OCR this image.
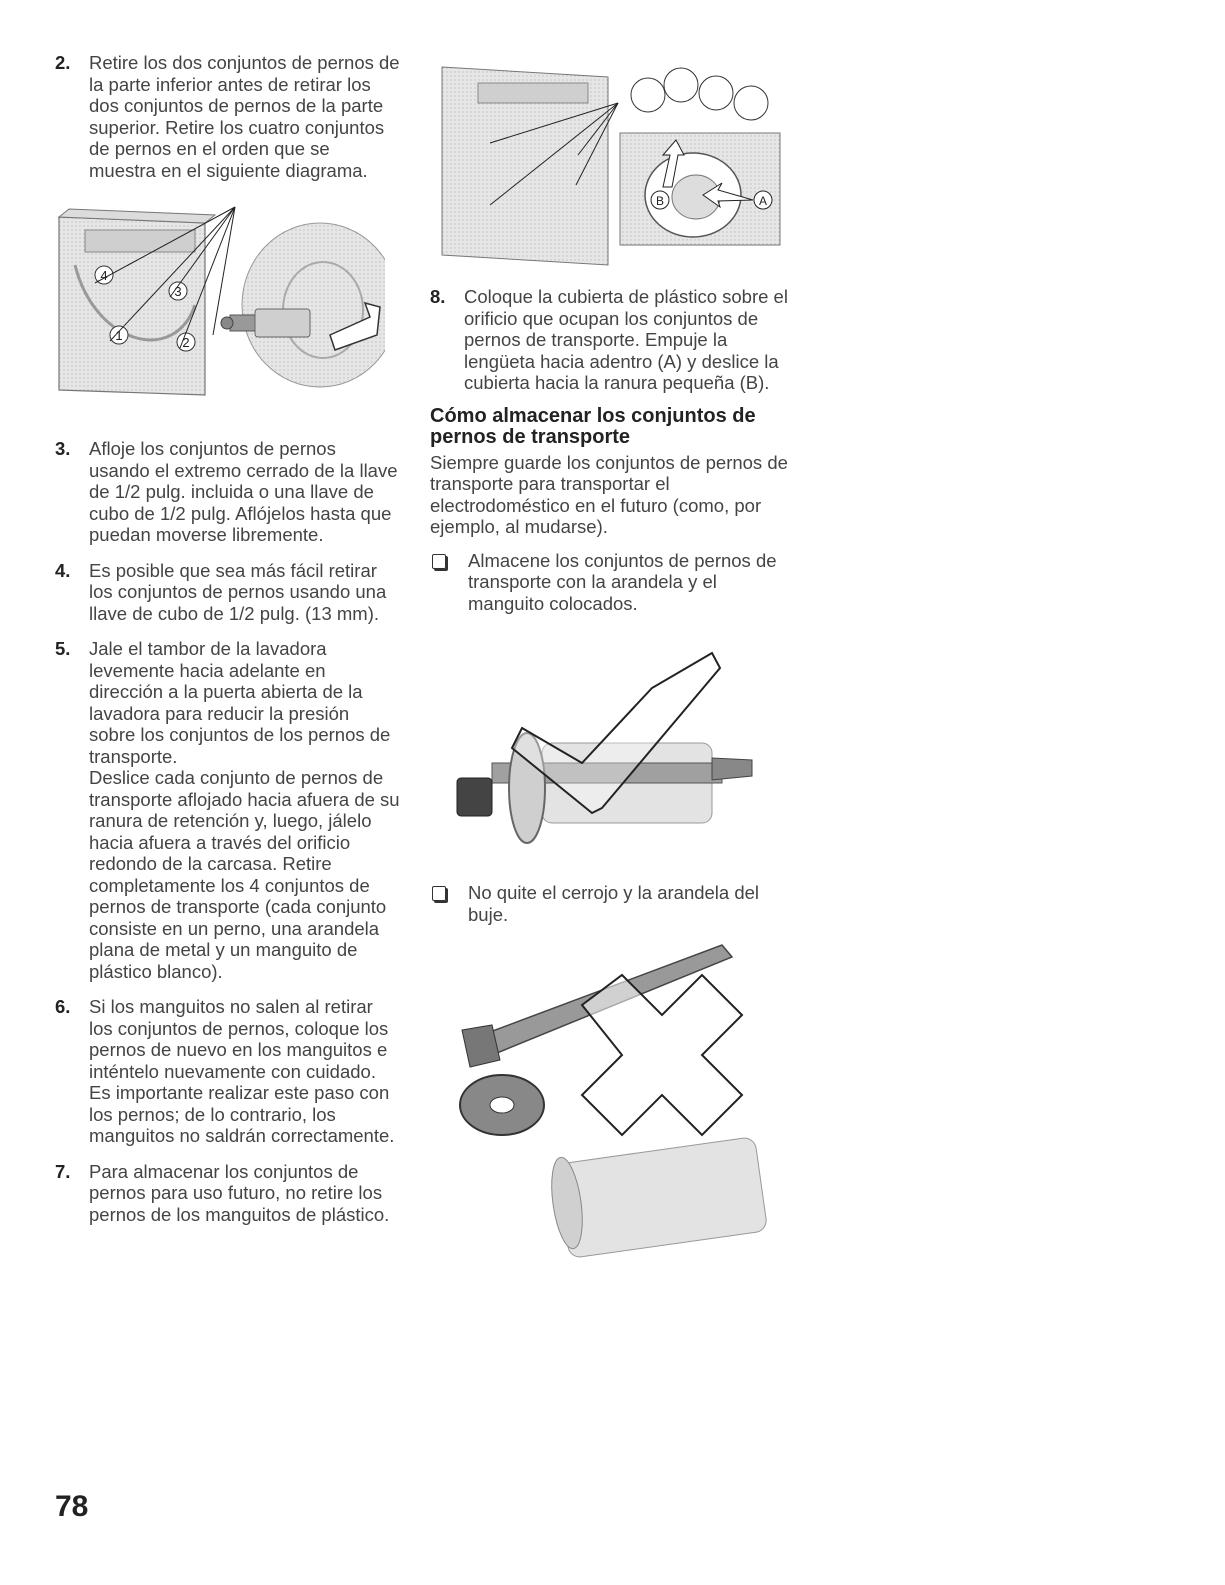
2.	Retire los dos conjuntos de pernos de la parte inferior antes de retirar los dos conjuntos de pernos de la parte superior. Retire los cuatro conjuntos de pernos en el orden que se muestra en el siguiente diagrama.
4
3
1	2
3.	Afloje los conjuntos de pernos usando el extremo cerrado de la llave de 1/2 pulg. incluida o una llave de cubo de 1/2 pulg. Aflójelos hasta que puedan moverse libremente.
4.	Es posible que sea más fácil retirar los conjuntos de pernos usando una llave de cubo de 1/2 pulg. (13 mm).
5.	Jale el tambor de la lavadora levemente hacia adelante en dirección a la puerta abierta de la lavadora para reducir la presión sobre los conjuntos de los pernos de transporte.

Deslice cada conjunto de pernos de transporte aflojado hacia afuera de su ranura de retención y, luego, jálelo hacia afuera a través del orificio redondo de la carcasa. Retire completamente los 4 conjuntos de pernos de transporte (cada conjunto consiste en un perno, una arandela plana de metal y un manguito de plástico blanco).

6.	Si los manguitos no salen al retirar los conjuntos de pernos, coloque los pernos de nuevo en los manguitos e inténtelo nuevamente con cuidado. Es importante realizar este paso con los pernos; de lo contrario, los manguitos no saldrán correctamente.
7.	Para almacenar los conjuntos de pernos para uso futuro, no retire los pernos de los manguitos de plástico.
B	A
8.	Coloque la cubierta de plástico sobre el orificio que ocupan los conjuntos de pernos de transporte. Empuje la lengüeta hacia adentro (A) y deslice la cubierta hacia la ranura pequeña (B).
Cómo almacenar los conjuntos de pernos de transporte
Siempre guarde los conjuntos de pernos de transporte para transportar el electrodoméstico en el futuro (como, por ejemplo, al mudarse).
Almacene los conjuntos de pernos de transporte con la arandela y el manguito colocados.
No quite el cerrojo y la arandela del buje.
78
